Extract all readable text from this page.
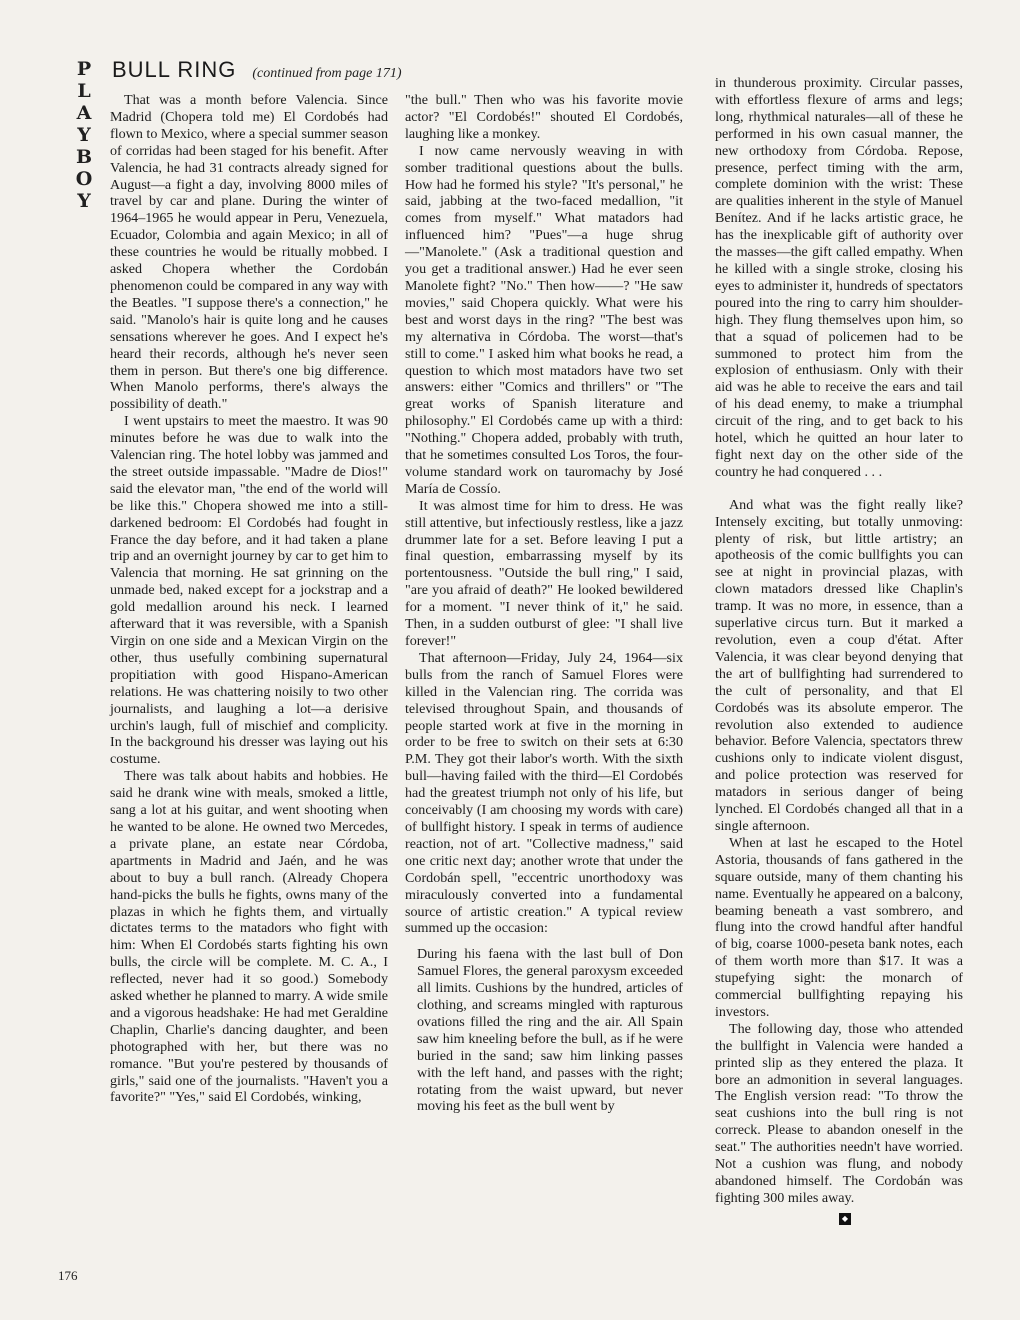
P
L
A
Y
B
O
Y
BULL RING (continued from page 171)

That was a month before Valencia. Since Madrid (Chopera told me) El Cordobés had flown to Mexico, where a special summer season of corridas had been staged for his benefit. After Valencia, he had 31 contracts already signed for August—a fight a day, involving 8000 miles of travel by car and plane. During the winter of 1964–1965 he would appear in Peru, Venezuela, Ecuador, Colombia and again Mexico; in all of these countries he would be ritually mobbed. I asked Chopera whether the Cordobán phenomenon could be compared in any way with the Beatles. "I suppose there's a connection," he said. "Manolo's hair is quite long and he causes sensations wherever he goes. And I expect he's heard their records, although he's never seen them in person. But there's one big difference. When Manolo performs, there's always the possibility of death."

I went upstairs to meet the maestro. It was 90 minutes before he was due to walk into the Valencian ring. The hotel lobby was jammed and the street outside impassable. "Madre de Dios!" said the elevator man, "the end of the world will be like this." Chopera showed me into a still-darkened bedroom: El Cordobés had fought in France the day before, and it had taken a plane trip and an overnight journey by car to get him to Valencia that morning. He sat grinning on the unmade bed, naked except for a jockstrap and a gold medallion around his neck. I learned afterward that it was reversible, with a Spanish Virgin on one side and a Mexican Virgin on the other, thus usefully combining supernatural propitiation with good Hispano-American relations. He was chattering noisily to two other journalists, and laughing a lot—a derisive urchin's laugh, full of mischief and complicity. In the background his dresser was laying out his costume.

There was talk about habits and hobbies. He said he drank wine with meals, smoked a little, sang a lot at his guitar, and went shooting when he wanted to be alone. He owned two Mercedes, a private plane, an estate near Córdoba, apartments in Madrid and Jaén, and he was about to buy a bull ranch. (Already Chopera hand-picks the bulls he fights, owns many of the plazas in which he fights them, and virtually dictates terms to the matadors who fight with him: When El Cordobés starts fighting his own bulls, the circle will be complete. M. C. A., I reflected, never had it so good.) Somebody asked whether he planned to marry. A wide smile and a vigorous headshake: He had met Geraldine Chaplin, Charlie's dancing daughter, and been photographed with her, but there was no romance. "But you're pestered by thousands of girls," said one of the journalists. "Haven't you a favorite?" "Yes," said El Cordobés, winking,

"the bull." Then who was his favorite movie actor? "El Cordobés!" shouted El Cordobés, laughing like a monkey.

I now came nervously weaving in with somber traditional questions about the bulls. How had he formed his style? "It's personal," he said, jabbing at the two-faced medallion, "it comes from myself." What matadors had influenced him? "Pues"—a huge shrug—"Manolete." (Ask a traditional question and you get a traditional answer.) Had he ever seen Manolete fight? "No." Then how——? "He saw movies," said Chopera quickly. What were his best and worst days in the ring? "The best was my alternativa in Córdoba. The worst—that's still to come." I asked him what books he read, a question to which most matadors have two set answers: either "Comics and thrillers" or "The great works of Spanish literature and philosophy." El Cordobés came up with a third: "Nothing." Chopera added, probably with truth, that he sometimes consulted Los Toros, the four-volume standard work on tauromachy by José María de Cossío.

It was almost time for him to dress. He was still attentive, but infectiously restless, like a jazz drummer late for a set. Before leaving I put a final question, embarrassing myself by its portentousness. "Outside the bull ring," I said, "are you afraid of death?" He looked bewildered for a moment. "I never think of it," he said. Then, in a sudden outburst of glee: "I shall live forever!"

That afternoon—Friday, July 24, 1964—six bulls from the ranch of Samuel Flores were killed in the Valencian ring. The corrida was televised throughout Spain, and thousands of people started work at five in the morning in order to be free to switch on their sets at 6:30 P.M. They got their labor's worth. With the sixth bull—having failed with the third—El Cordobés had the greatest triumph not only of his life, but conceivably (I am choosing my words with care) of bullfight history. I speak in terms of audience reaction, not of art. "Collective madness," said one critic next day; another wrote that under the Cordobán spell, "eccentric unorthodoxy was miraculously converted into a fundamental source of artistic creation." A typical review summed up the occasion:

During his faena with the last bull of Don Samuel Flores, the general paroxysm exceeded all limits. Cushions by the hundred, articles of clothing, and screams mingled with rapturous ovations filled the ring and the air. All Spain saw him kneeling before the bull, as if he were buried in the sand; saw him linking passes with the left hand, and passes with the right; rotating from the waist upward, but never moving his feet as the bull went by

in thunderous proximity. Circular passes, with effortless flexure of arms and legs; long, rhythmical naturales—all of these he performed in his own casual manner, the new orthodoxy from Córdoba. Repose, presence, perfect timing with the arm, complete dominion with the wrist: These are qualities inherent in the style of Manuel Benítez. And if he lacks artistic grace, he has the inexplicable gift of authority over the masses—the gift called empathy. When he killed with a single stroke, closing his eyes to administer it, hundreds of spectators poured into the ring to carry him shoulder-high. They flung themselves upon him, so that a squad of policemen had to be summoned to protect him from the explosion of enthusiasm. Only with their aid was he able to receive the ears and tail of his dead enemy, to make a triumphal circuit of the ring, and to get back to his hotel, which he quitted an hour later to fight next day on the other side of the country he had conquered . . .

And what was the fight really like? Intensely exciting, but totally unmoving: plenty of risk, but little artistry; an apotheosis of the comic bullfights you can see at night in provincial plazas, with clown matadors dressed like Chaplin's tramp. It was no more, in essence, than a superlative circus turn. But it marked a revolution, even a coup d'état. After Valencia, it was clear beyond denying that the art of bullfighting had surrendered to the cult of personality, and that El Cordobés was its absolute emperor. The revolution also extended to audience behavior. Before Valencia, spectators threw cushions only to indicate violent disgust, and police protection was reserved for matadors in serious danger of being lynched. El Cordobés changed all that in a single afternoon.

When at last he escaped to the Hotel Astoria, thousands of fans gathered in the square outside, many of them chanting his name. Eventually he appeared on a balcony, beaming beneath a vast sombrero, and flung into the crowd handful after handful of big, coarse 1000-peseta bank notes, each of them worth more than $17. It was a stupefying sight: the monarch of commercial bullfighting repaying his investors.

The following day, those who attended the bullfight in Valencia were handed a printed slip as they entered the plaza. It bore an admonition in several languages. The English version read: "To throw the seat cushions into the bull ring is not correck. Please to abandon oneself in the seat." The authorities needn't have worried. Not a cushion was flung, and nobody abandoned himself. The Cordobán was fighting 300 miles away.

◆
176
